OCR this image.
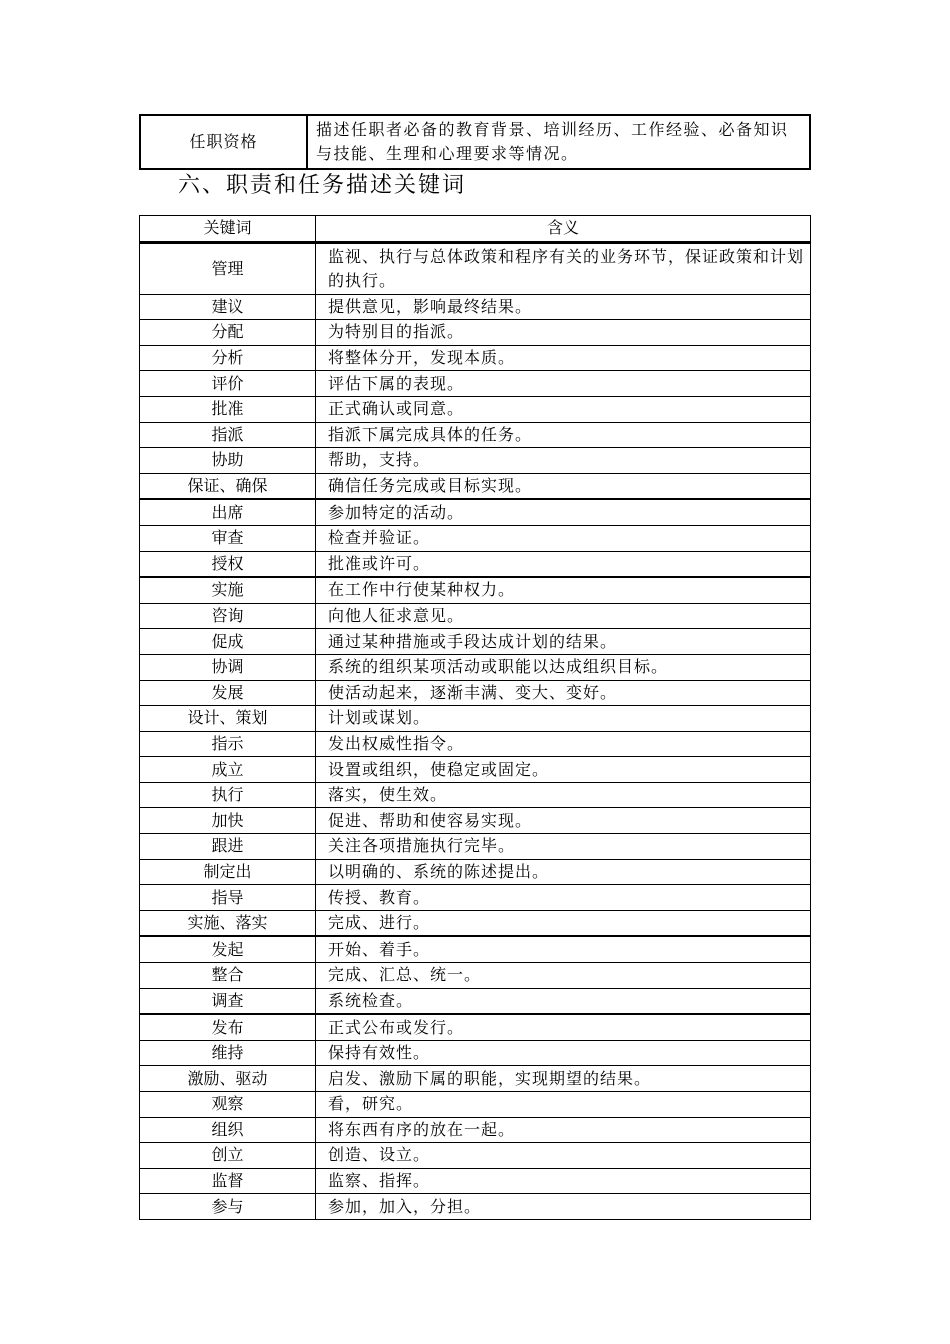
任职资格	描述任职者必备的教育背景、培训经历、工作经验、必备知识与技能、生理和心理要求等情况。
六、职责和任务描述关键词
关键词	含义
管理	监视、执行与总体政策和程序有关的业务环节，保证政策和计划的执行。
建议	提供意见，影响最终结果。
分配	为特别目的指派。
分析	将整体分开，发现本质。
评价	评估下属的表现。
批准	正式确认或同意。
指派	指派下属完成具体的任务。
协助	帮助，支持。
保证、确保	确信任务完成或目标实现。
出席	参加特定的活动。
审查	检查并验证。
授权	批准或许可。
实施	在工作中行使某种权力。
咨询	向他人征求意见。
促成	通过某种措施或手段达成计划的结果。
协调	系统的组织某项活动或职能以达成组织目标。
发展	使活动起来，逐渐丰满、变大、变好。
设计、策划	计划或谋划。
指示	发出权威性指令。
成立	设置或组织，使稳定或固定。
执行	落实，使生效。
加快	促进、帮助和使容易实现。
跟进	关注各项措施执行完毕。
制定出	以明确的、系统的陈述提出。
指导	传授、教育。
实施、落实	完成、进行。
发起	开始、着手。
整合	完成、汇总、统一。
调查	系统检查。
发布	正式公布或发行。
维持	保持有效性。
激励、驱动	启发、激励下属的职能，实现期望的结果。
观察	看，研究。
组织	将东西有序的放在一起。
创立	创造、设立。
监督	监察、指挥。
参与	参加，加入，分担。
